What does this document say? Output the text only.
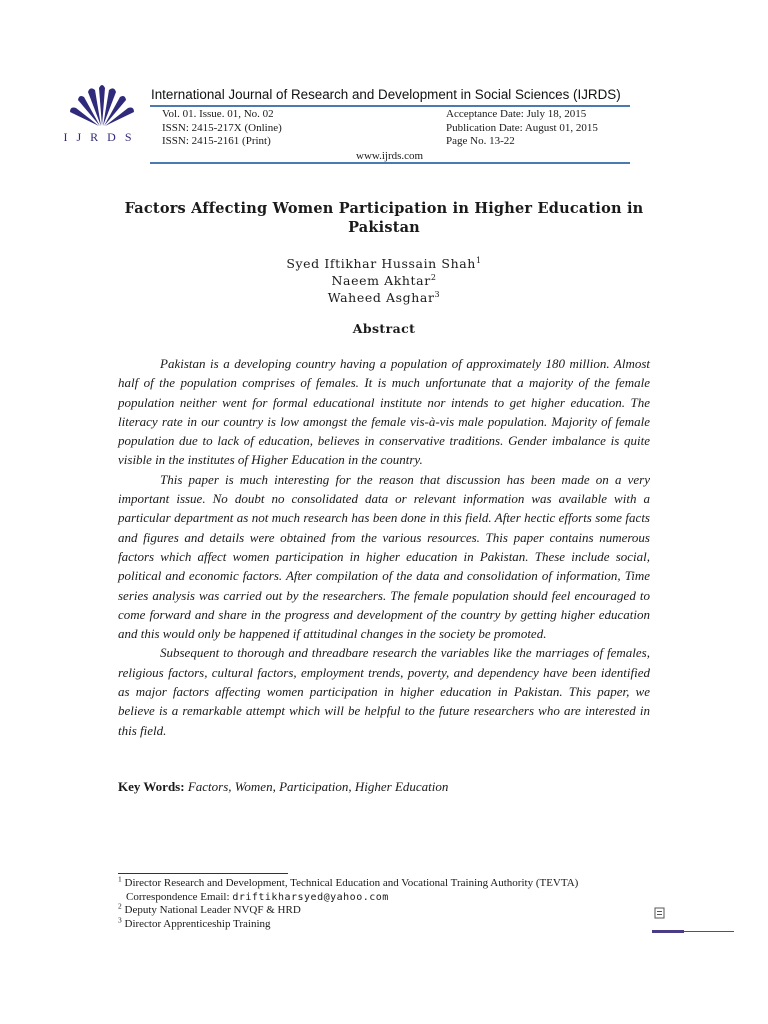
IJRDS
International Journal of Research and Development in Social Sciences (IJRDS)
Vol. 01. Issue. 01, No. 02
ISSN: 2415-217X (Online)
ISSN: 2415-2161 (Print)
Acceptance Date: July 18, 2015
Publication Date: August 01, 2015
Page No. 13-22
www.ijrds.com
Factors Affecting Women Participation in Higher Education in Pakistan
Syed Iftikhar Hussain Shah$^1$
Naeem Akhtar$^2$
Waheed Asghar$^3$
Abstract

Pakistan is a developing country having a population of approximately 180 million. Almost half of the population comprises of females. It is much unfortunate that a majority of the female population neither went for formal educational institute nor intends to get higher education. The literacy rate in our country is low amongst the female vis-à-vis male population. Majority of female population due to lack of education, believes in conservative traditions. Gender imbalance is quite visible in the institutes of Higher Education in the country.

This paper is much interesting for the reason that discussion has been made on a very important issue. No doubt no consolidated data or relevant information was available with a particular department as not much research has been done in this field. After hectic efforts some facts and figures and details were obtained from the various resources. This paper contains numerous factors which affect women participation in higher education in Pakistan. These include social, political and economic factors. After compilation of the data and consolidation of information, Time series analysis was carried out by the researchers. The female population should feel encouraged to come forward and share in the progress and development of the country by getting higher education and this would only be happened if attitudinal changes in the society be promoted.

Subsequent to thorough and threadbare research the variables like the marriages of females, religious factors, cultural factors, employment trends, poverty, and dependency have been identified as major factors affecting women participation in higher education in Pakistan. This paper, we believe is a remarkable attempt which will be helpful to the future researchers who are interested in this field.

Key Words: Factors, Women, Participation, Higher Education
$^1$ Director Research and Development, Technical Education and Vocational Training Authority (TEVTA)
Correspondence Email: driftikharsyed@yahoo.com
$^2$ Deputy National Leader NVQF & HRD
$^3$ Director Apprenticeship Training
